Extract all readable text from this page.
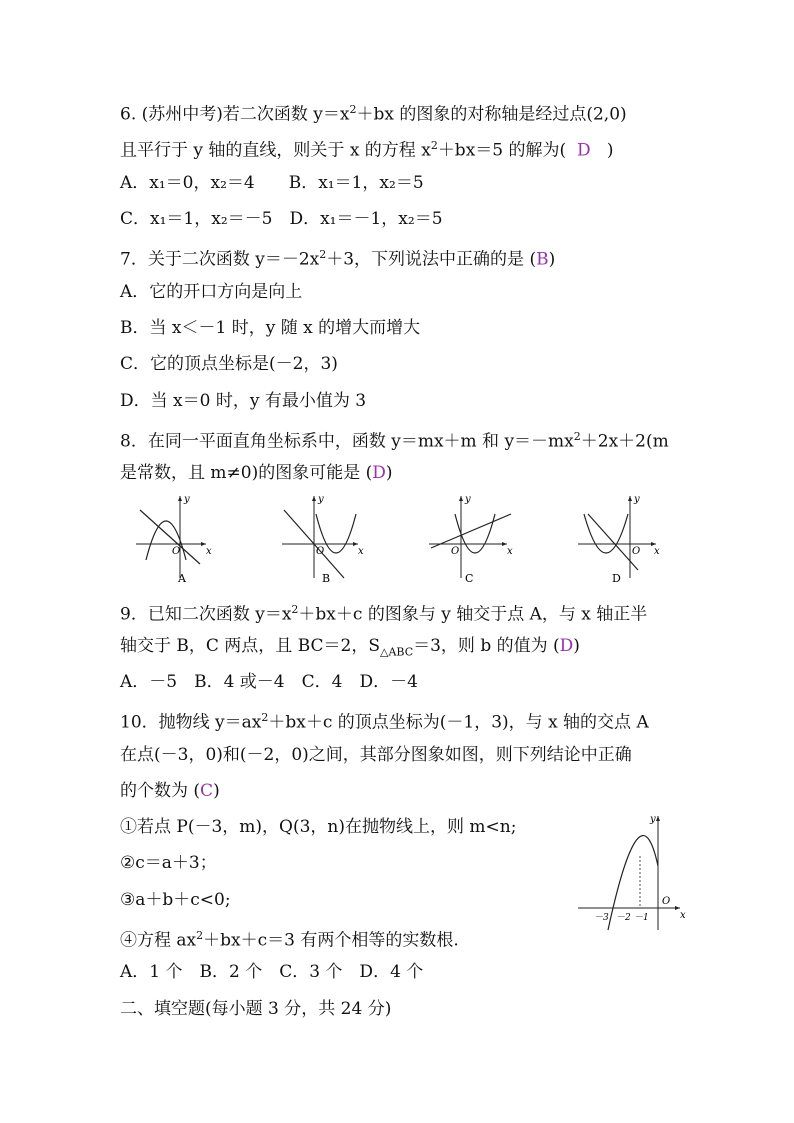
6. (苏州中考)若二次函数 $y=x^2+bx$ 的图象的对称轴是经过点(2,0)
且平行于 y 轴的直线，则关于 x 的方程 $x^2+bx=5$ 的解为( D )
A．x₁＝0，x₂＝4　　B．x₁＝1，x₂＝5
C．x₁＝1，x₂＝－5　D．x₁＝－1，x₂＝5
7．关于二次函数 $y=-2x^2+3$，下列说法中正确的是 (B)
A．它的开口方向是向上
B．当 x＜－1 时，y 随 x 的增大而增大
C．它的顶点坐标是(－2，3)
D．当 x＝0 时，y 有最小值为 3
8．在同一平面直角坐标系中，函数 y＝mx＋m 和 $y=-mx^2+2x+2(m$
是常数，且 m≠0)的图象可能是 (D)
y
x
O
A
y
x
O
B
y
x
O
C
y
x
O
D
9．已知二次函数 $y=x^2+bx+c$ 的图象与 y 轴交于点 A，与 x 轴正半
轴交于 B，C 两点，且 BC＝2，$S_{\triangle ABC}=3$，则 b 的值为 (D)
A．－5　B．4 或－4　C．4　D．－4
10．抛物线 $y=ax^2+bx+c$ 的顶点坐标为(－1，3)，与 x 轴的交点 A
在点(－3，0)和(－2，0)之间，其部分图象如图，则下列结论中正确
的个数为 (C)
①若点 P(－3，m)，Q(3，n)在抛物线上，则 m<n;
②c＝a＋3；
③a＋b＋c<0;
④方程 $ax^2+bx+c=3$ 有两个相等的实数根.
A．1 个　B．2 个　C．3 个　D．4 个
y
x
O
－3 －2 －1
二、填空题(每小题 3 分，共 24 分)
